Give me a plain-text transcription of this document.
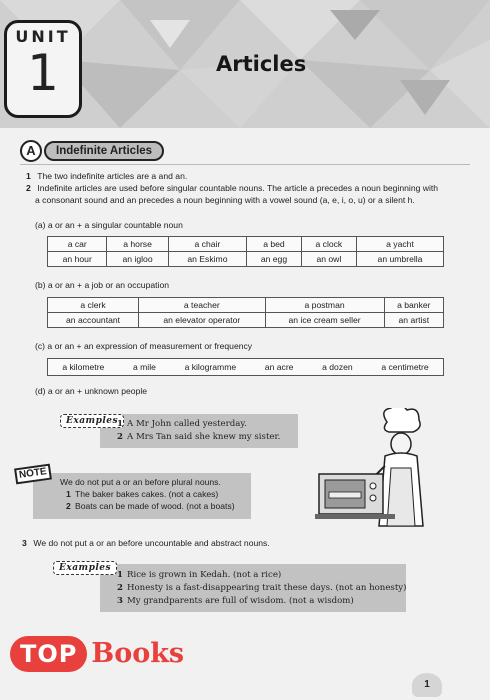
UNIT
1	Articles
A	Indefinite Articles
1 The two indefinite articles are a and an.
2 Indefinite articles are used before singular countable nouns. The article a precedes a noun beginning with
a consonant sound and an precedes a noun beginning with a vowel sound (a, e, i, o, u) or a silent h.
(a) a or an + a singular countable noun
a car	a horse	a chair	a bed	a clock	a yacht
an hour	an igloo	an Eskimo	an egg	an owl	an umbrella
(b) a or an + a job or an occupation
a clerk	a teacher	a postman	a banker
an accountant	an elevator operator	an ice cream seller	an artist
(c) a or an + an expression of measurement or frequency
a kilometre	a mile	a kilogramme	an acre	a dozen	a centimetre
(d) a or an + unknown people
Examples
1 A Mr John called yesterday.
2 A Mrs Tan said she knew my sister.
NOTE
We do not put a or an before plural nouns.
1 The baker bakes cakes. (not a cakes)
2 Boats can be made of wood. (not a boats)
3 We do not put a or an before uncountable and abstract nouns.
Examples
1 Rice is grown in Kedah. (not a rice)
2 Honesty is a fast-disappearing trait these days. (not an honesty)
3 My grandparents are full of wisdom. (not a wisdom)
TOP Books
1
